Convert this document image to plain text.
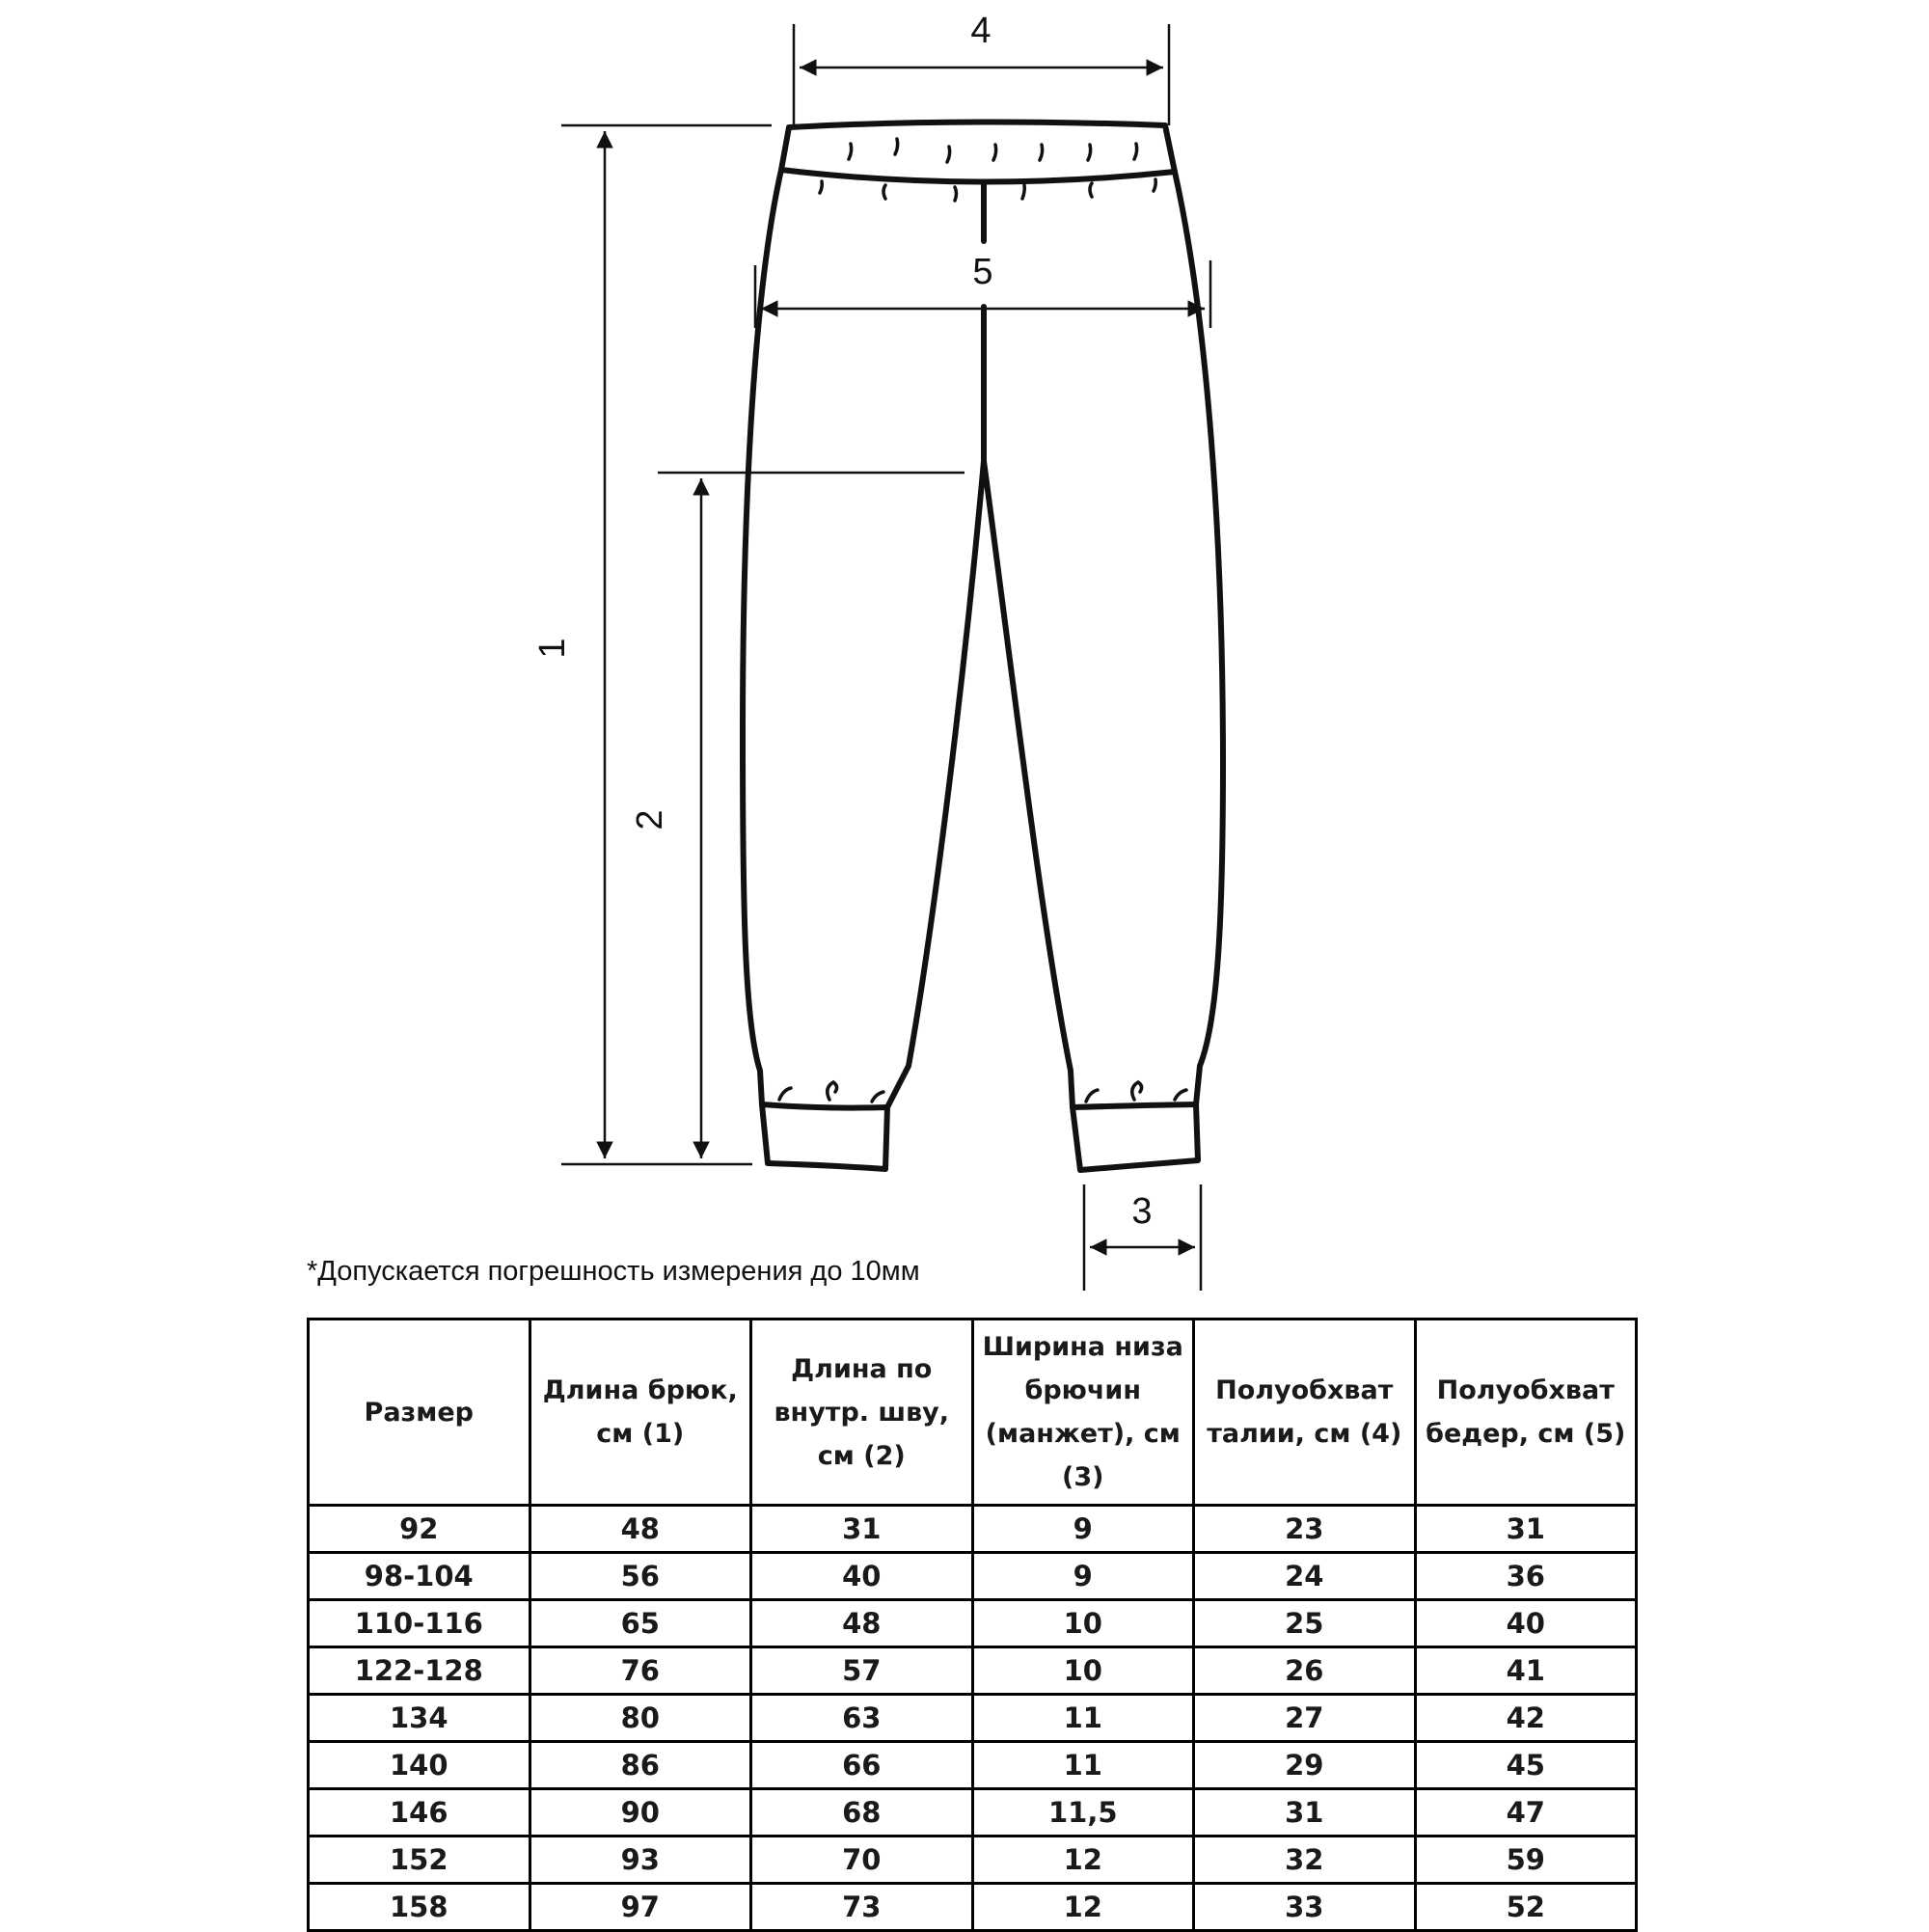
1
2
4
5
3
*Допускается погрешность измерения до 10мм
Размер	Длина брюк, см (1)	Длина по внутр. шву, см (2)	Ширина низа брючин (манжет), см (3)	Полуобхват талии, см (4)	Полуобхват бедер, см (5)
92	48	31	9	23	31
98-104	56	40	9	24	36
110-116	65	48	10	25	40
122-128	76	57	10	26	41
134	80	63	11	27	42
140	86	66	11	29	45
146	90	68	11,5	31	47
152	93	70	12	32	59
158	97	73	12	33	52
